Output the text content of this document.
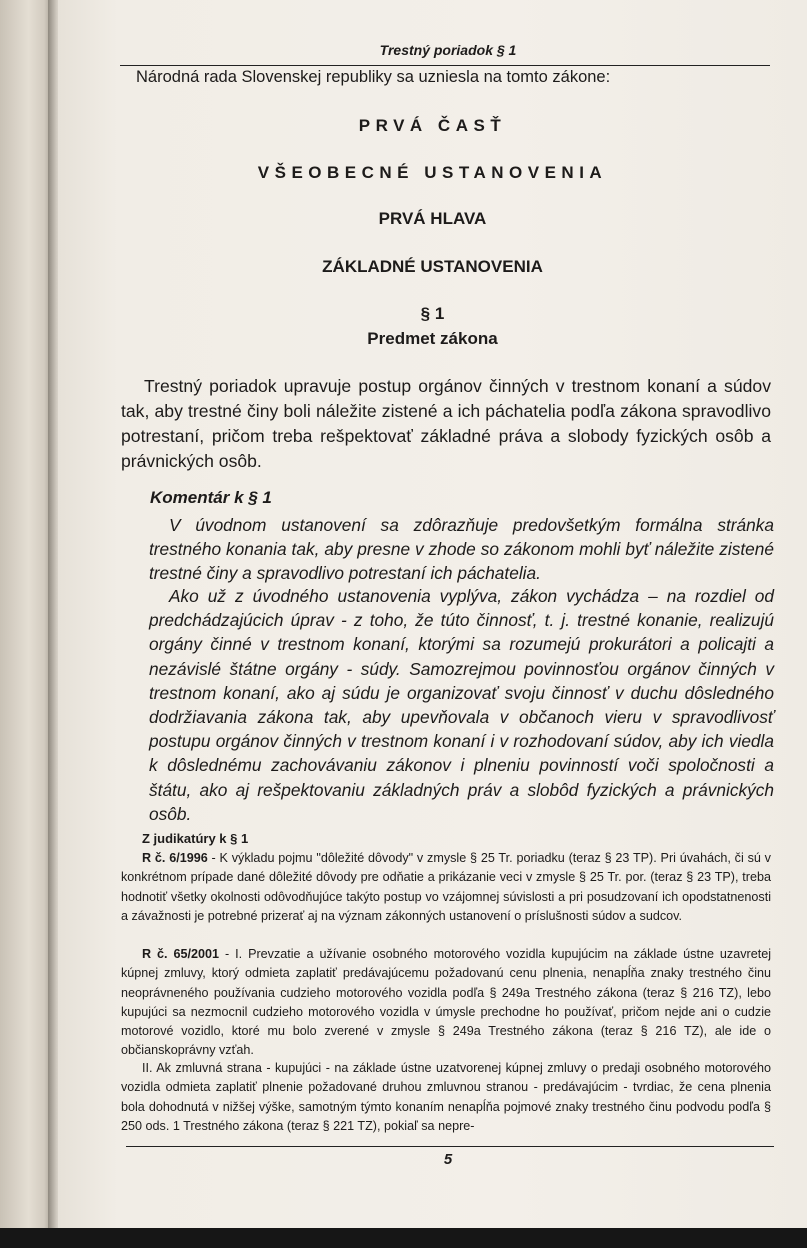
Trestný poriadok § 1
Národná rada Slovenskej republiky sa uzniesla na tomto zákone:
PRVÁ ČASŤ
VŠEOBECNÉ USTANOVENIA
PRVÁ HLAVA
ZÁKLADNÉ USTANOVENIA
§ 1
Predmet zákona

Trestný poriadok upravuje postup orgánov činných v trestnom konaní a súdov tak, aby trestné činy boli náležite zistené a ich páchatelia podľa zákona spravodlivo potrestaní, pričom treba rešpektovať základné práva a slobody fyzických osôb a právnických osôb.

Komentár k § 1

V úvodnom ustanovení sa zdôrazňuje predovšetkým formálna stránka trestného konania tak, aby presne v zhode so zákonom mohli byť náležite zistené trestné činy a spravodlivo potrestaní ich páchatelia.

Ako už z úvodného ustanovenia vyplýva, zákon vychádza – na rozdiel od predchádzajúcich úprav - z toho, že túto činnosť, t. j. trestné konanie, realizujú orgány činné v trestnom konaní, ktorými sa rozumejú prokurátori a policajti a nezávislé štátne orgány - súdy. Samozrejmou povinnosťou orgánov činných v trestnom konaní, ako aj súdu je organizovať svoju činnosť v duchu dôsledného dodržiavania zákona tak, aby upevňovala v občanoch vieru v spravodlivosť postupu orgánov činných v trestnom konaní i v rozhodovaní súdov, aby ich viedla k dôslednému zachovávaniu zákonov i plneniu povinností voči spoločnosti a štátu, ako aj rešpektovaniu základných práv a slobôd fyzických a právnických osôb.

Z judikatúry k § 1

R č. 6/1996 - K výkladu pojmu "dôležité dôvody" v zmysle § 25 Tr. poriadku (teraz § 23 TP). Pri úvahách, či sú v konkrétnom prípade dané dôležité dôvody pre odňatie a prikázanie veci v zmysle § 25 Tr. por. (teraz § 23 TP), treba hodnotiť všetky okolnosti odôvodňujúce takýto postup vo vzájomnej súvislosti a pri posudzovaní ich opodstatnenosti a závažnosti je potrebné prizerať aj na význam zákonných ustanovení o príslušnosti súdov a sudcov.

R č. 65/2001 - I. Prevzatie a užívanie osobného motorového vozidla kupujúcim na základe ústne uzavretej kúpnej zmluvy, ktorý odmieta zaplatiť predávajúcemu požadovanú cenu plnenia, nenapĺňa znaky trestného činu neoprávneného používania cudzieho motorového vozidla podľa § 249a Trestného zákona (teraz § 216 TZ), lebo kupujúci sa nezmocnil cudzieho motorového vozidla v úmysle prechodne ho používať, pričom nejde ani o cudzie motorové vozidlo, ktoré mu bolo zverené v zmysle § 249a Trestného zákona (teraz § 216 TZ), ale ide o občianskoprávny vzťah.

II. Ak zmluvná strana - kupujúci - na základe ústne uzatvorenej kúpnej zmluvy o predaji osobného motorového vozidla odmieta zaplatiť plnenie požadované druhou zmluvnou stranou - predávajúcim - tvrdiac, že cena plnenia bola dohodnutá v nižšej výške, samotným týmto konaním nenapĺňa pojmové znaky trestného činu podvodu podľa § 250 ods. 1 Trestného zákona (teraz § 221 TZ), pokiaľ sa nepre-

5
